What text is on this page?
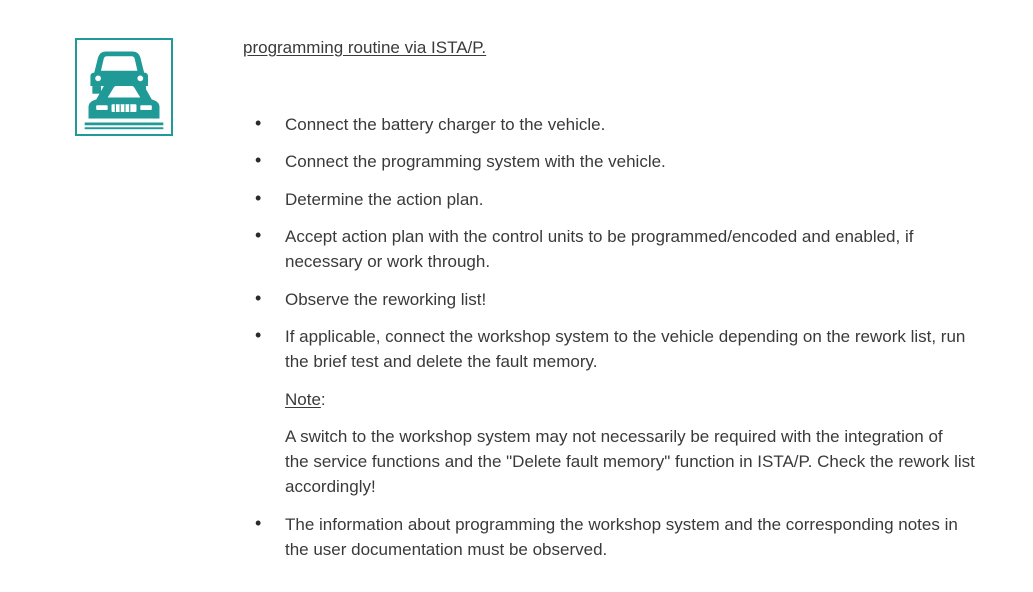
programming routine via ISTA/P.
• Connect the battery charger to the vehicle.
• Connect the programming system with the vehicle.
• Determine the action plan.
• Accept action plan with the control units to be programmed/encoded and enabled, if
necessary or work through.
• Observe the reworking list!
• If applicable, connect the workshop system to the vehicle depending on the rework list, run
the brief test and delete the fault memory.
Note:
A switch to the workshop system may not necessarily be required with the integration of
the service functions and the "Delete fault memory" function in ISTA/P. Check the rework list
accordingly!
• The information about programming the workshop system and the corresponding notes in
the user documentation must be observed.
